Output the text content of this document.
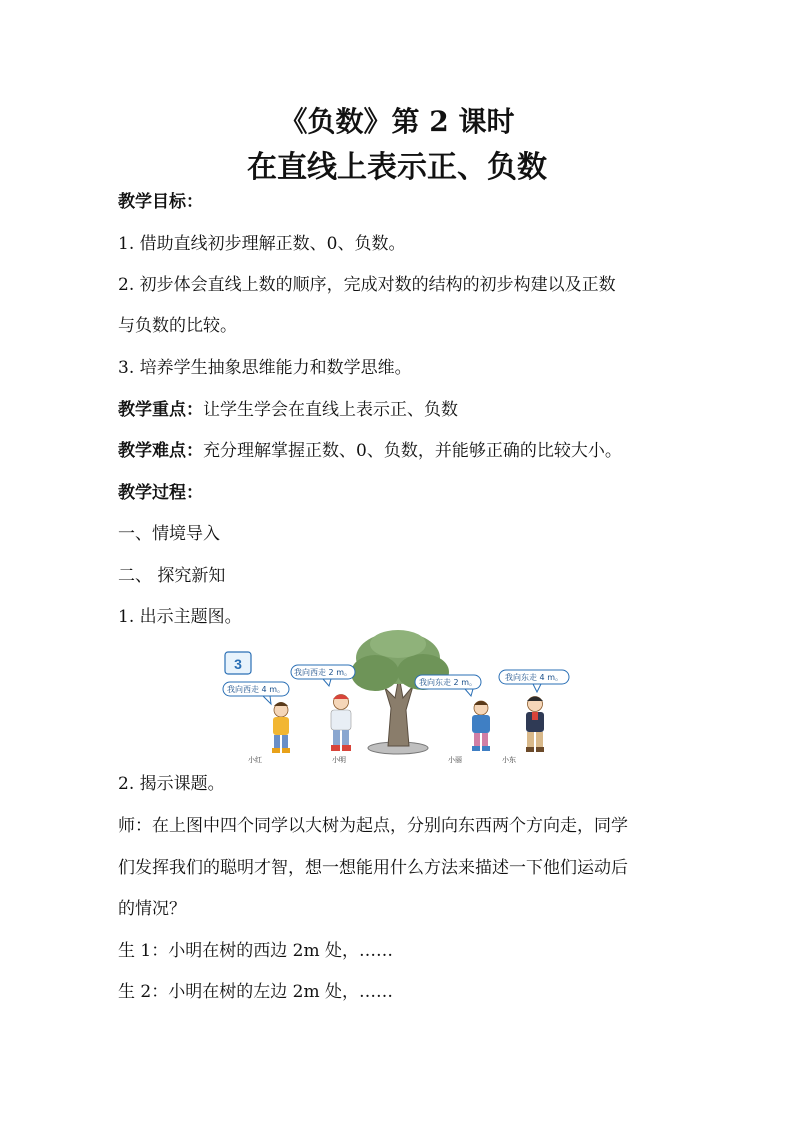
《负数》第 2 课时
在直线上表示正、负数
教学目标：
1. 借助直线初步理解正数、0、负数。
2. 初步体会直线上数的顺序，完成对数的结构的初步构建以及正数
与负数的比较。
3. 培养学生抽象思维能力和数学思维。
教学重点：让学生学会在直线上表示正、负数
教学难点：充分理解掌握正数、0、负数，并能够正确的比较大小。
教学过程：
一、情境导入
二、 探究新知
1. 出示主题图。
3
我向西走 4 m。
我向西走 2 m。
我向东走 2 m。
我向东走 4 m。
小红	小明	小丽	小东
2. 揭示课题。
师：在上图中四个同学以大树为起点，分别向东西两个方向走，同学
们发挥我们的聪明才智，想一想能用什么方法来描述一下他们运动后
的情况？
生 1：小明在树的西边 2m 处，……
生 2：小明在树的左边 2m 处，……
